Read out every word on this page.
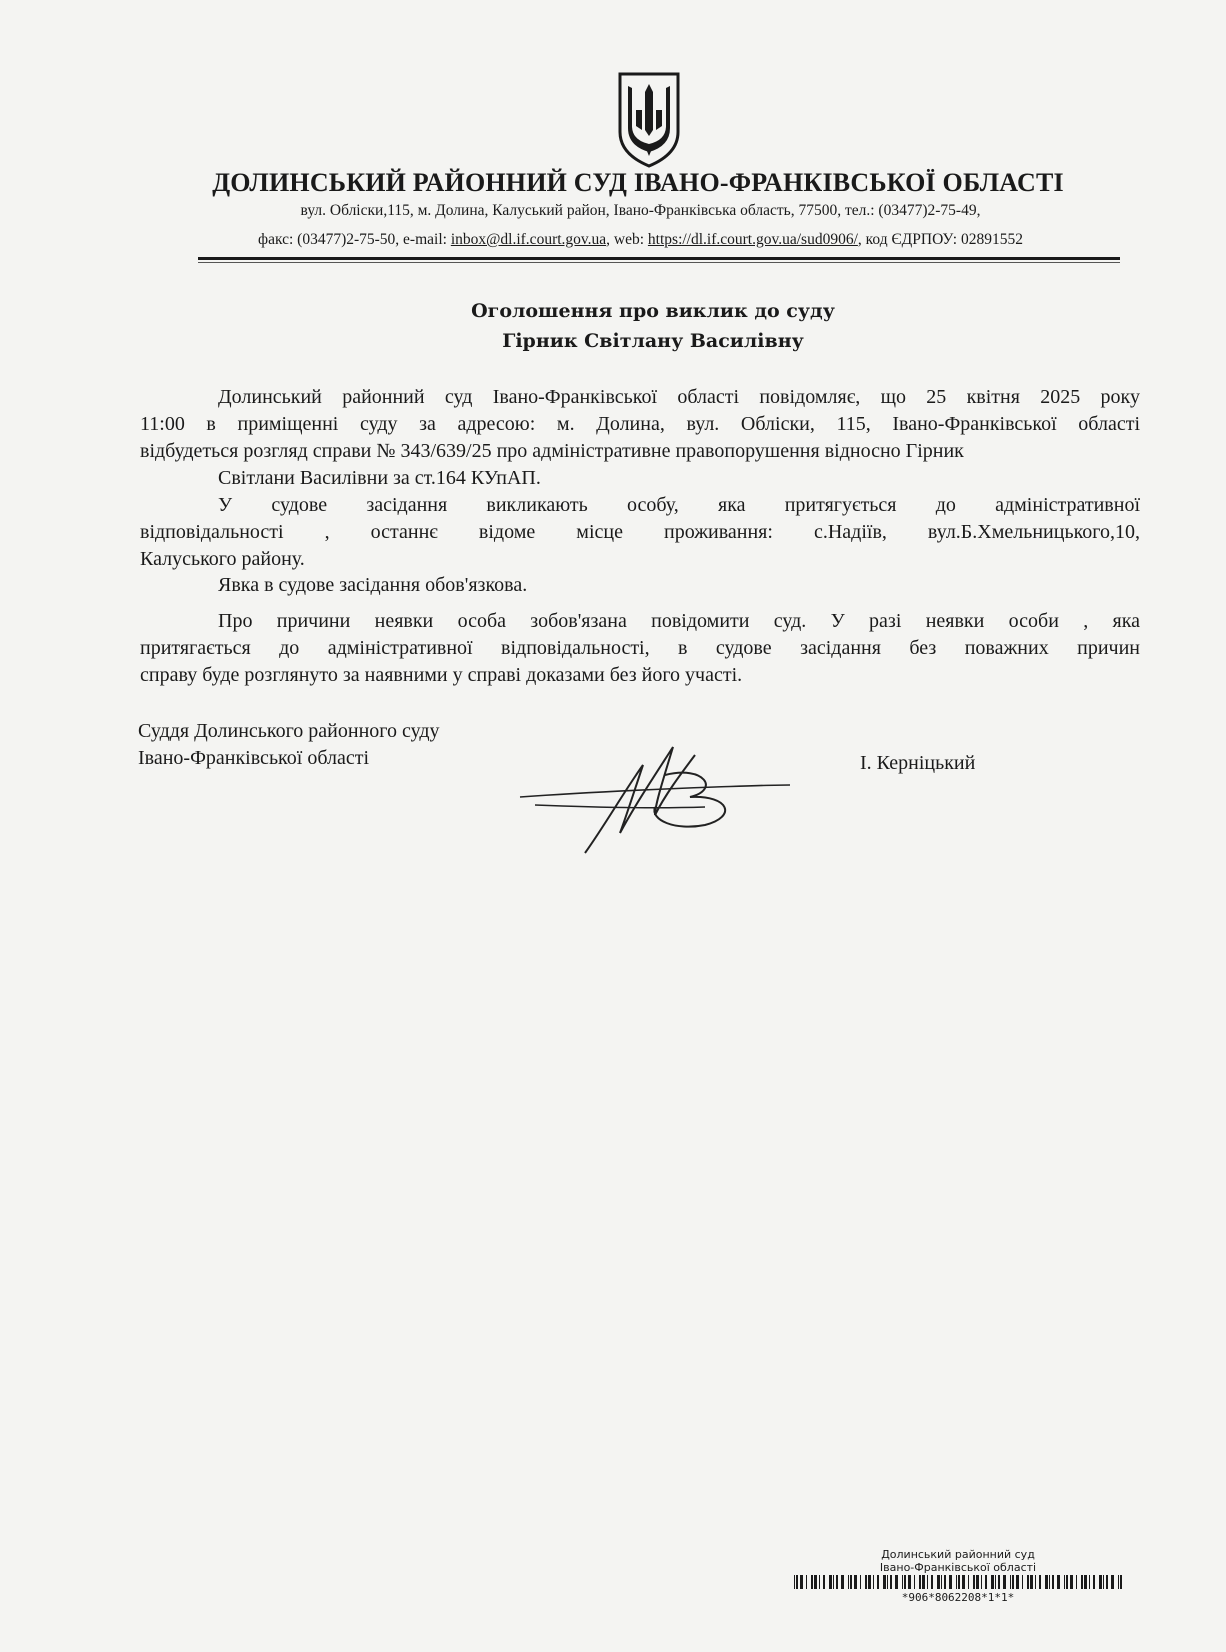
ДОЛИНСЬКИЙ РАЙОННИЙ СУД ІВАНО-ФРАНКІВСЬКОЇ ОБЛАСТІ
вул. Обліски,115, м. Долина, Калуський район, Івано-Франківська область, 77500, тел.: (03477)2-75-49,
факс: (03477)2-75-50, e-mail: inbox@dl.if.court.gov.ua, web: https://dl.if.court.gov.ua/sud0906/, код ЄДРПОУ: 02891552
Оголошення про виклик до суду
Гірник Світлану Василівну
Долинський районний суд Івано-Франківської області повідомляє, що 25 квітня 2025 року
11:00 в приміщенні суду за адресою: м. Долина, вул. Обліски, 115, Івано-Франківської області
відбудеться розгляд справи № 343/639/25 про адміністративне правопорушення відносно Гірник
Світлани Василівни за ст.164 КУпАП.
У судове засідання викликають особу, яка притягується до адміністративної
відповідальності , останнє відоме місце проживання: с.Надіїв, вул.Б.Хмельницького,10,
Калуського району.
Явка в судове засідання обов'язкова.
Про причини неявки особа зобов'язана повідомити суд. У разі неявки особи , яка
притягається до адміністративної відповідальності, в судове засідання без поважних причин
справу буде розглянуто за наявними у справі доказами без його участі.
Суддя Долинського районного суду
Івано-Франківської області	І. Керніцький
Долинський районний суд
Івано-Франківської області
*906*8062208*1*1*
